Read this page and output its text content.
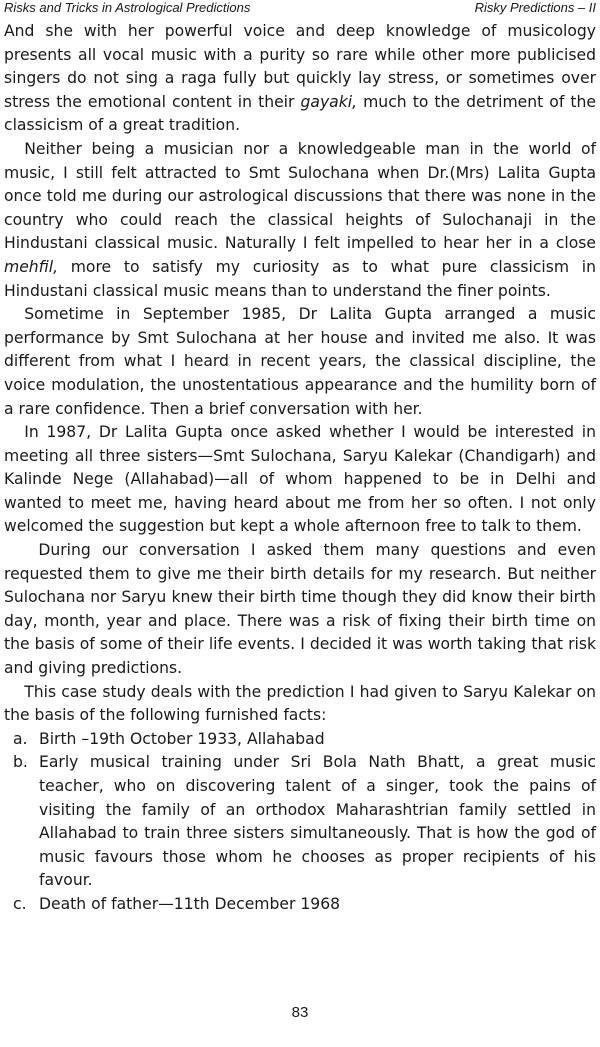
Risks and Tricks in Astrological Predictions	Risky Predictions – II

And she with her powerful voice and deep knowledge of musicology presents all vocal music with a purity so rare while other more publicised singers do not sing a raga fully but quickly lay stress, or sometimes over stress the emotional content in their gayaki, much to the detriment of the classicism of a great tradition.

Neither being a musician nor a knowledgeable man in the world of music, I still felt attracted to Smt Sulochana when Dr.(Mrs) Lalita Gupta once told me during our astrological discussions that there was none in the country who could reach the classical heights of Sulochanaji in the Hindustani classical music. Naturally I felt impelled to hear her in a close mehfil, more to satisfy my curiosity as to what pure classicism in Hindustani classical music means than to understand the finer points.

Sometime in September 1985, Dr Lalita Gupta arranged a music performance by Smt Sulochana at her house and invited me also. It was different from what I heard in recent years, the classical discipline, the voice modulation, the unostentatious appearance and the humility born of a rare confidence. Then a brief conversation with her.

In 1987, Dr Lalita Gupta once asked whether I would be interested in meeting all three sisters—Smt Sulochana, Saryu Kalekar (Chandigarh) and Kalinde Nege (Allahabad)—all of whom happened to be in Delhi and wanted to meet me, having heard about me from her so often. I not only welcomed the suggestion but kept a whole afternoon free to talk to them.

During our conversation I asked them many questions and even requested them to give me their birth details for my research. But neither Sulochana nor Saryu knew their birth time though they did know their birth day, month, year and place. There was a risk of fixing their birth time on the basis of some of their life events. I decided it was worth taking that risk and giving predictions.

This case study deals with the prediction I had given to Saryu Kalekar on the basis of the following furnished facts:

a. Birth –19th October 1933, Allahabad
b. Early musical training under Sri Bola Nath Bhatt, a great music teacher, who on discovering talent of a singer, took the pains of visiting the family of an orthodox Maharashtrian family settled in Allahabad to train three sisters simultaneously. That is how the god of music favours those whom he chooses as proper recipients of his favour.
c. Death of father—11th December 1968
83
